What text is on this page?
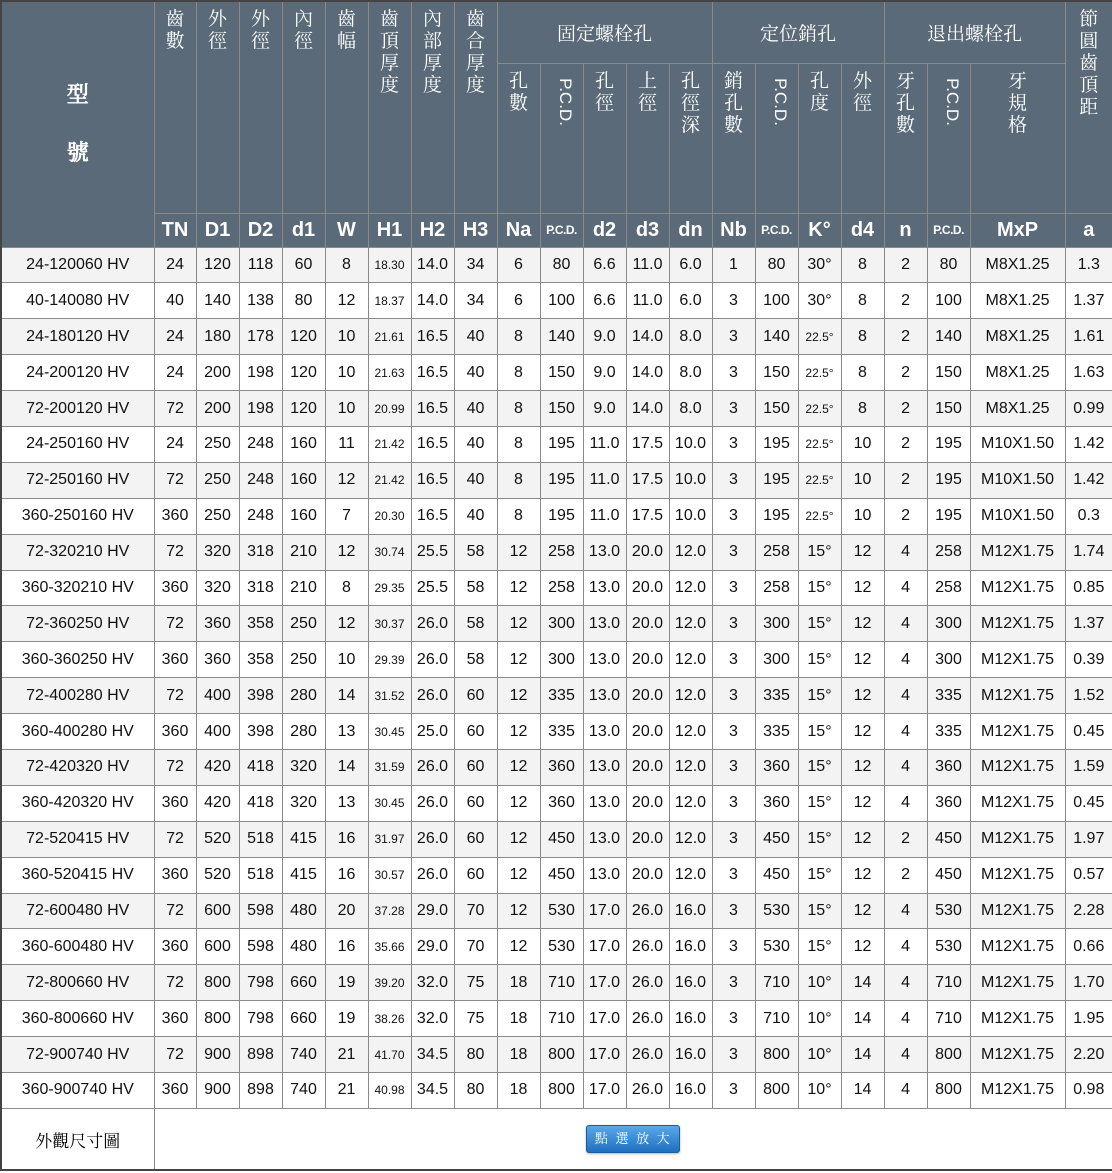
型號	齒數	外徑	外徑	內徑	齒幅	齒頂厚度	內部厚度	齒合厚度	固定螺栓孔					定位銷孔				退出螺栓孔			節圓齒頂距
									孔數	P.C.D.	孔徑	上徑	孔徑深	銷孔數	P.C.D.	孔度	外徑	牙孔數	P.C.D.	牙規格	
	TN	D1	D2	d1	W	H1	H2	H3	Na	P.C.D.	d2	d3	dn	Nb	P.C.D.	K°	d4	n	P.C.D.	MxP	a
24-120060 HV	24	120	118	60	8	18.30	14.0	34	6	80	6.6	11.0	6.0	1	80	30°	8	2	80	M8X1.25	1.3
40-140080 HV	40	140	138	80	12	18.37	14.0	34	6	100	6.6	11.0	6.0	3	100	30°	8	2	100	M8X1.25	1.37
24-180120 HV	24	180	178	120	10	21.61	16.5	40	8	140	9.0	14.0	8.0	3	140	22.5°	8	2	140	M8X1.25	1.61
24-200120 HV	24	200	198	120	10	21.63	16.5	40	8	150	9.0	14.0	8.0	3	150	22.5°	8	2	150	M8X1.25	1.63
72-200120 HV	72	200	198	120	10	20.99	16.5	40	8	150	9.0	14.0	8.0	3	150	22.5°	8	2	150	M8X1.25	0.99
24-250160 HV	24	250	248	160	11	21.42	16.5	40	8	195	11.0	17.5	10.0	3	195	22.5°	10	2	195	M10X1.50	1.42
72-250160 HV	72	250	248	160	12	21.42	16.5	40	8	195	11.0	17.5	10.0	3	195	22.5°	10	2	195	M10X1.50	1.42
360-250160 HV	360	250	248	160	7	20.30	16.5	40	8	195	11.0	17.5	10.0	3	195	22.5°	10	2	195	M10X1.50	0.3
72-320210 HV	72	320	318	210	12	30.74	25.5	58	12	258	13.0	20.0	12.0	3	258	15°	12	4	258	M12X1.75	1.74
360-320210 HV	360	320	318	210	8	29.35	25.5	58	12	258	13.0	20.0	12.0	3	258	15°	12	4	258	M12X1.75	0.85
72-360250 HV	72	360	358	250	12	30.37	26.0	58	12	300	13.0	20.0	12.0	3	300	15°	12	4	300	M12X1.75	1.37
360-360250 HV	360	360	358	250	10	29.39	26.0	58	12	300	13.0	20.0	12.0	3	300	15°	12	4	300	M12X1.75	0.39
72-400280 HV	72	400	398	280	14	31.52	26.0	60	12	335	13.0	20.0	12.0	3	335	15°	12	4	335	M12X1.75	1.52
360-400280 HV	360	400	398	280	13	30.45	25.0	60	12	335	13.0	20.0	12.0	3	335	15°	12	4	335	M12X1.75	0.45
72-420320 HV	72	420	418	320	14	31.59	26.0	60	12	360	13.0	20.0	12.0	3	360	15°	12	4	360	M12X1.75	1.59
360-420320 HV	360	420	418	320	13	30.45	26.0	60	12	360	13.0	20.0	12.0	3	360	15°	12	4	360	M12X1.75	0.45
72-520415 HV	72	520	518	415	16	31.97	26.0	60	12	450	13.0	20.0	12.0	3	450	15°	12	2	450	M12X1.75	1.97
360-520415 HV	360	520	518	415	16	30.57	26.0	60	12	450	13.0	20.0	12.0	3	450	15°	12	2	450	M12X1.75	0.57
72-600480 HV	72	600	598	480	20	37.28	29.0	70	12	530	17.0	26.0	16.0	3	530	15°	12	4	530	M12X1.75	2.28
360-600480 HV	360	600	598	480	16	35.66	29.0	70	12	530	17.0	26.0	16.0	3	530	15°	12	4	530	M12X1.75	0.66
72-800660 HV	72	800	798	660	19	39.20	32.0	75	18	710	17.0	26.0	16.0	3	710	10°	14	4	710	M12X1.75	1.70
360-800660 HV	360	800	798	660	19	38.26	32.0	75	18	710	17.0	26.0	16.0	3	710	10°	14	4	710	M12X1.75	1.95
72-900740 HV	72	900	898	740	21	41.70	34.5	80	18	800	17.0	26.0	16.0	3	800	10°	14	4	800	M12X1.75	2.20
360-900740 HV	360	900	898	740	21	40.98	34.5	80	18	800	17.0	26.0	16.0	3	800	10°	14	4	800	M12X1.75	0.98
外觀尺寸圖	點 選 放 大																				
